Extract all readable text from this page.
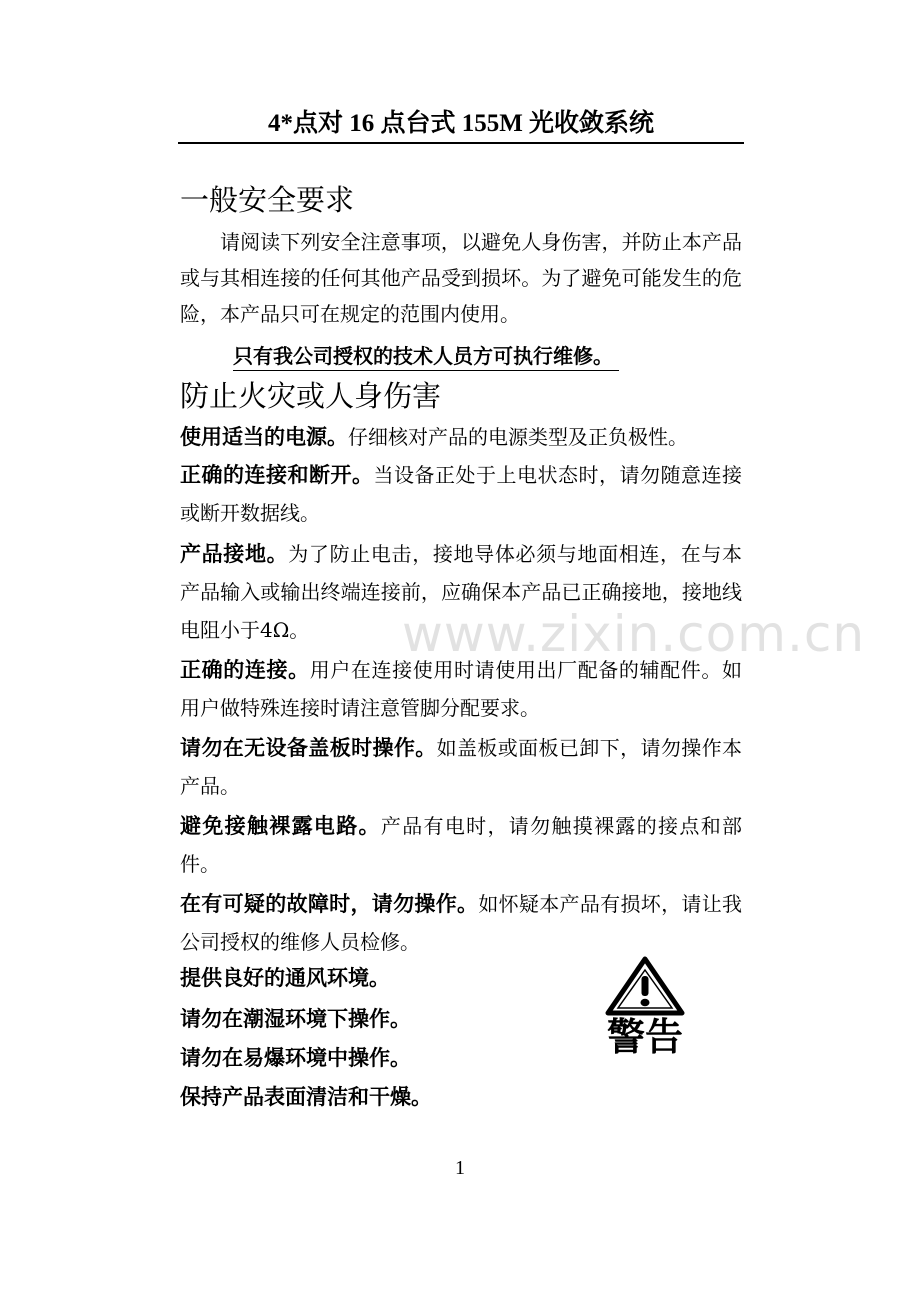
4*点对 16 点台式 155M 光收敛系统
一般安全要求

请阅读下列安全注意事项，以避免人身伤害，并防止本产品或与其相连接的任何其他产品受到损坏。为了避免可能发生的危险，本产品只可在规定的范围内使用。

只有我公司授权的技术人员方可执行维修。
防止火灾或人身伤害

使用适当的电源。仔细核对产品的电源类型及正负极性。

正确的连接和断开。当设备正处于上电状态时，请勿随意连接或断开数据线。

产品接地。为了防止电击，接地导体必须与地面相连，在与本产品输入或输出终端连接前，应确保本产品已正确接地，接地线电阻小于4Ω。

正确的连接。用户在连接使用时请使用出厂配备的辅配件。如用户做特殊连接时请注意管脚分配要求。

请勿在无设备盖板时操作。如盖板或面板已卸下，请勿操作本产品。

避免接触裸露电路。产品有电时，请勿触摸裸露的接点和部件。

在有可疑的故障时，请勿操作。如怀疑本产品有损坏，请让我公司授权的维修人员检修。

提供良好的通风环境。
请勿在潮湿环境下操作。
请勿在易爆环境中操作。
保持产品表面清洁和干燥。
警告
1
www.zixin.com.cn
